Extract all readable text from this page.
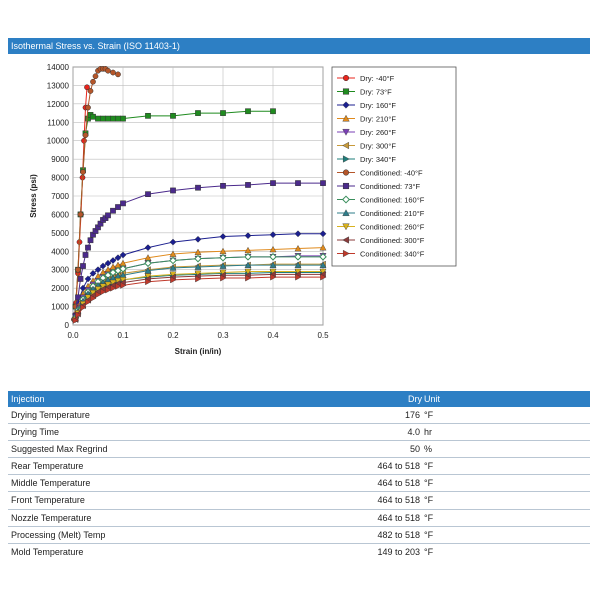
Isothermal Stress vs. Strain (ISO 11403-1)
0
1000
2000
3000
4000
5000
6000
7000
8000
9000
10000
11000
12000
13000
14000
0.0	0.1	0.2	0.3	0.4	0.5
Strain (in/in)
Stress (psi)
Dry: -40°F
Dry: 73°F
Dry: 160°F
Dry: 210°F
Dry: 260°F
Dry: 300°F
Dry: 340°F
Conditioned: -40°F
Conditioned: 73°F
Conditioned: 160°F
Conditioned: 210°F
Conditioned: 260°F
Conditioned: 300°F
Conditioned: 340°F
Injection	Dry Unit
Drying Temperature	176 °F
Drying Time	4.0 hr
Suggested Max Regrind	50 %
Rear Temperature	464 to 518 °F
Middle Temperature	464 to 518 °F
Front Temperature	464 to 518 °F
Nozzle Temperature	464 to 518 °F
Processing (Melt) Temp	482 to 518 °F
Mold Temperature	149 to 203 °F
